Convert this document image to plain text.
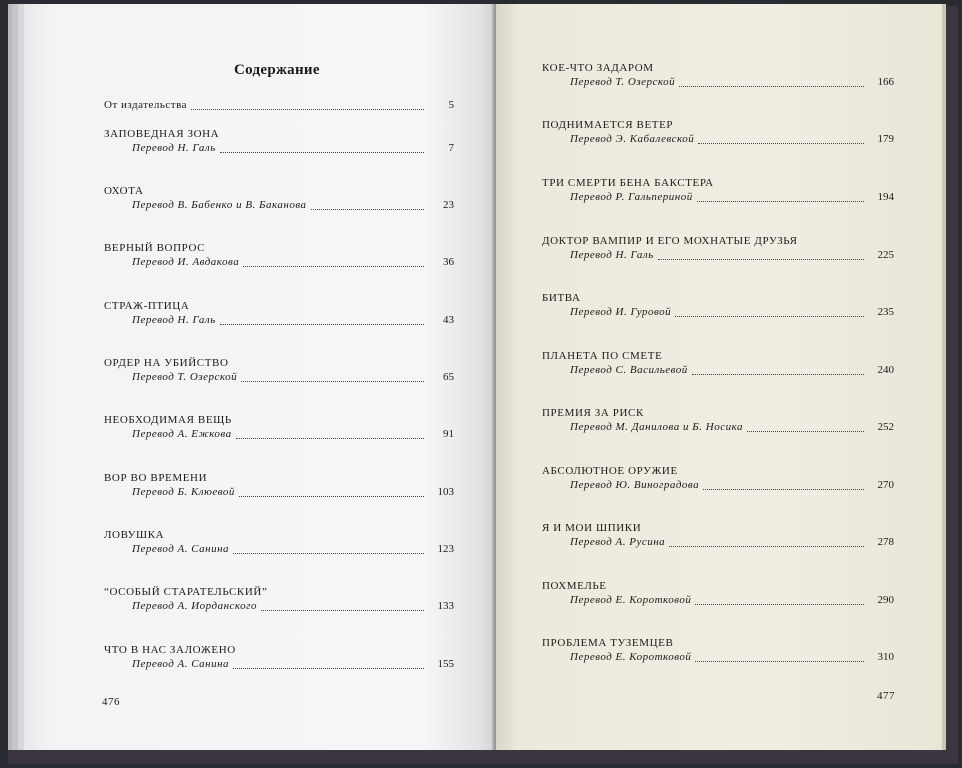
Содержание
От издательства	5
ЗАПОВЕДНАЯ ЗОНА
Перевод Н. Галь	7
ОХОТА
Перевод В. Бабенко и В. Баканова	23
ВЕРНЫЙ ВОПРОС
Перевод И. Авдакова	36
СТРАЖ-ПТИЦА
Перевод Н. Галь	43
ОРДЕР НА УБИЙСТВО
Перевод Т. Озерской	65
НЕОБХОДИМАЯ ВЕЩЬ
Перевод А. Ежкова	91
ВОР ВО ВРЕМЕНИ
Перевод Б. Клюевой	103
ЛОВУШКА
Перевод А. Санина	123
“ОСОБЫЙ СТАРАТЕЛЬСКИЙ”
Перевод А. Иорданского	133
ЧТО В НАС ЗАЛОЖЕНО
Перевод А. Санина	155
476
КОЕ-ЧТО ЗАДАРОМ
Перевод Т. Озерской	166
ПОДНИМАЕТСЯ ВЕТЕР
Перевод Э. Кабалевской	179
ТРИ СМЕРТИ БЕНА БАКСТЕРА
Перевод Р. Гальпериной	194
ДОКТОР ВАМПИР И ЕГО МОХНАТЫЕ ДРУЗЬЯ
Перевод Н. Галь	225
БИТВА
Перевод И. Гуровой	235
ПЛАНЕТА ПО СМЕТЕ
Перевод С. Васильевой	240
ПРЕМИЯ ЗА РИСК
Перевод М. Данилова и Б. Носика	252
АБСОЛЮТНОЕ ОРУЖИЕ
Перевод Ю. Виноградова	270
Я И МОИ ШПИКИ
Перевод А. Русина	278
ПОХМЕЛЬЕ
Перевод Е. Коротковой	290
ПРОБЛЕМА ТУЗЕМЦЕВ
Перевод Е. Коротковой	310
477
